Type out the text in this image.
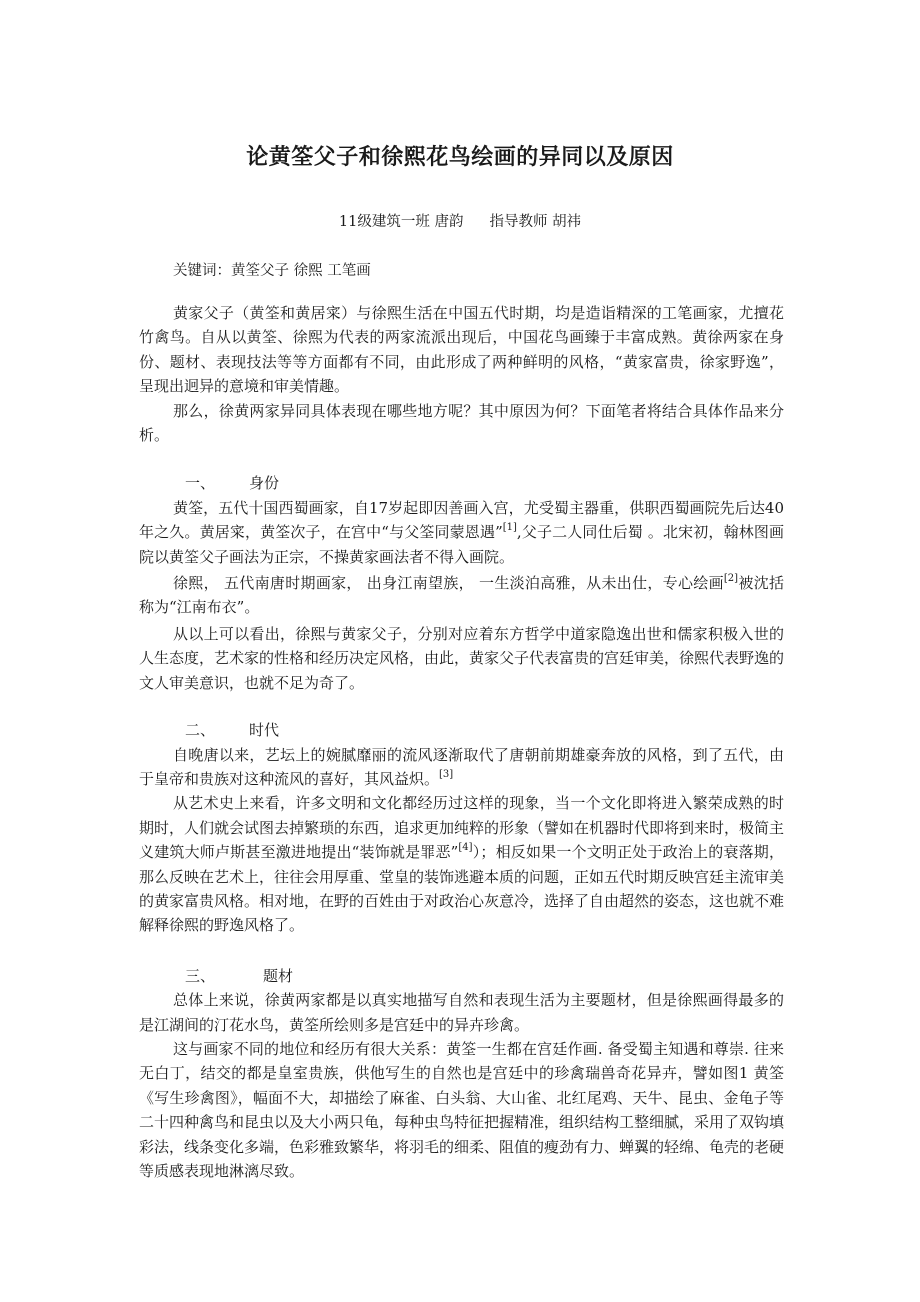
论黄筌父子和徐熙花鸟绘画的异同以及原因
11级建筑一班 唐韵 指导教师 胡祎
关键词：黄筌父子 徐熙 工笔画

黄家父子（黄筌和黄居寀）与徐熙生活在中国五代时期，均是造诣精深的工笔画家，尤擅花竹禽鸟。自从以黄筌、徐熙为代表的两家流派出现后，中国花鸟画臻于丰富成熟。黄徐两家在身份、题材、表现技法等等方面都有不同，由此形成了两种鲜明的风格，“黄家富贵，徐家野逸”，呈现出迥异的意境和审美情趣。

那么，徐黄两家异同具体表现在哪些地方呢？其中原因为何？下面笔者将结合具体作品来分析。

一、 身份

黄筌，五代十国西蜀画家，自17岁起即因善画入宫，尤受蜀主器重，供职西蜀画院先后达40年之久。黄居寀，黄筌次子，在宫中“与父筌同蒙恩遇”[1],父子二人同仕后蜀 。北宋初，翰林图画院以黄筌父子画法为正宗，不操黄家画法者不得入画院。

徐熙， 五代南唐时期画家， 出身江南望族， 一生淡泊高雅，从未出仕，专心绘画[2]被沈括称为“江南布衣”。

从以上可以看出，徐熙与黄家父子，分别对应着东方哲学中道家隐逸出世和儒家积极入世的人生态度，艺术家的性格和经历决定风格，由此，黄家父子代表富贵的宫廷审美，徐熙代表野逸的文人审美意识，也就不足为奇了。

二、 时代

自晚唐以来，艺坛上的婉腻靡丽的流风逐渐取代了唐朝前期雄豪奔放的风格，到了五代，由于皇帝和贵族对这种流风的喜好，其风益炽。[3]

从艺术史上来看，许多文明和文化都经历过这样的现象，当一个文化即将进入繁荣成熟的时期时，人们就会试图去掉繁琐的东西，追求更加纯粹的形象（譬如在机器时代即将到来时，极简主义建筑大师卢斯甚至激进地提出“装饰就是罪恶”[4]）；相反如果一个文明正处于政治上的衰落期，那么反映在艺术上，往往会用厚重、堂皇的装饰逃避本质的问题，正如五代时期反映宫廷主流审美的黄家富贵风格。相对地，在野的百姓由于对政治心灰意冷，选择了自由超然的姿态，这也就不难解释徐熙的野逸风格了。

三、	题材

总体上来说，徐黄两家都是以真实地描写自然和表现生活为主要题材，但是徐熙画得最多的是江湖间的汀花水鸟，黄筌所绘则多是宫廷中的异卉珍禽。

这与画家不同的地位和经历有很大关系：黄筌一生都在宫廷作画. 备受蜀主知遇和尊崇. 往来无白丁，结交的都是皇室贵族，供他写生的自然也是宫廷中的珍禽瑞兽奇花异卉，譬如图1 黄筌 《写生珍禽图》，幅面不大，却描绘了麻雀、白头翁、大山雀、北红尾鸡、天牛、昆虫、金龟子等二十四种禽鸟和昆虫以及大小两只龟，每种虫鸟特征把握精准，组织结构工整细腻，采用了双钩填彩法，线条变化多端，色彩雅致繁华，将羽毛的细柔、阻值的瘦劲有力、蝉翼的轻绵、龟壳的老硬等质感表现地淋漓尽致。
